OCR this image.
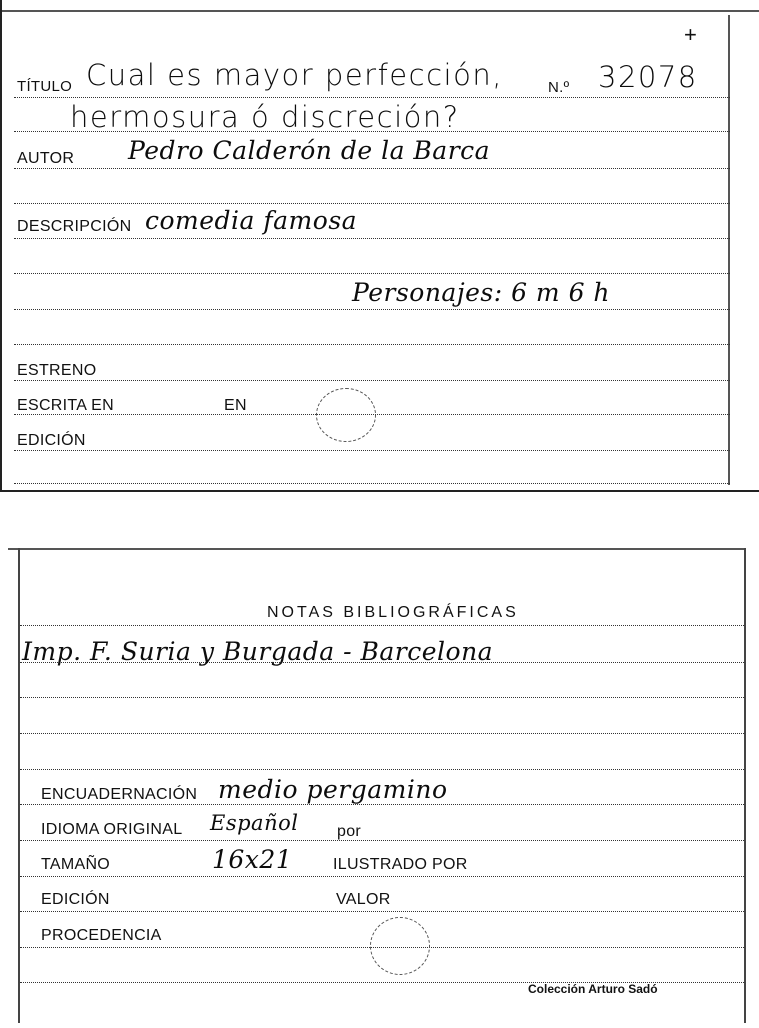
+
TÍTULO Cual es mayor perfección,	N.º 32078
hermosura ó discreción?
AUTOR Pedro Calderón de la Barca
DESCRIPCIÓN comedia famosa
Personajes: 6 m 6 h
ESTRENO
ESCRITA EN	EN
EDICIÓN
NOTAS BIBLIOGRÁFICAS
Imp. F. Suria y Burgada - Barcelona
ENCUADERNACIÓN medio pergamino
IDIOMA ORIGINAL Español por
TAMAÑO	16x21	ILUSTRADO POR
EDICIÓN	VALOR
PROCEDENCIA
Colección Arturo Sadó
